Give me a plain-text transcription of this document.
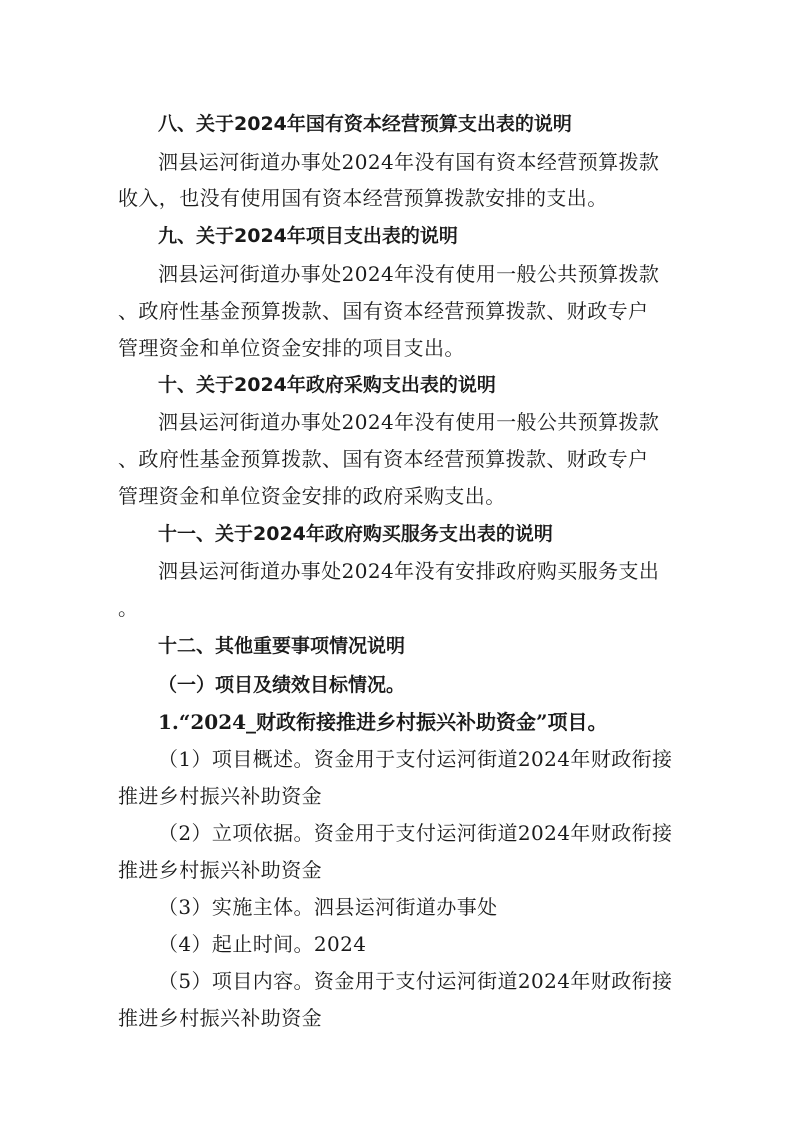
八、关于2024年国有资本经营预算支出表的说明
泗县运河街道办事处2024年没有国有资本经营预算拨款
收入，也没有使用国有资本经营预算拨款安排的支出。
九、关于2024年项目支出表的说明
泗县运河街道办事处2024年没有使用一般公共预算拨款
、政府性基金预算拨款、国有资本经营预算拨款、财政专户
管理资金和单位资金安排的项目支出。
十、关于2024年政府采购支出表的说明
泗县运河街道办事处2024年没有使用一般公共预算拨款
、政府性基金预算拨款、国有资本经营预算拨款、财政专户
管理资金和单位资金安排的政府采购支出。
十一、关于2024年政府购买服务支出表的说明
泗县运河街道办事处2024年没有安排政府购买服务支出
。
十二、其他重要事项情况说明
（一）项目及绩效目标情况。
1.“2024_财政衔接推进乡村振兴补助资金”项目。
（1）项目概述。资金用于支付运河街道2024年财政衔接
推进乡村振兴补助资金
（2）立项依据。资金用于支付运河街道2024年财政衔接
推进乡村振兴补助资金
（3）实施主体。泗县运河街道办事处
（4）起止时间。2024
（5）项目内容。资金用于支付运河街道2024年财政衔接
推进乡村振兴补助资金
